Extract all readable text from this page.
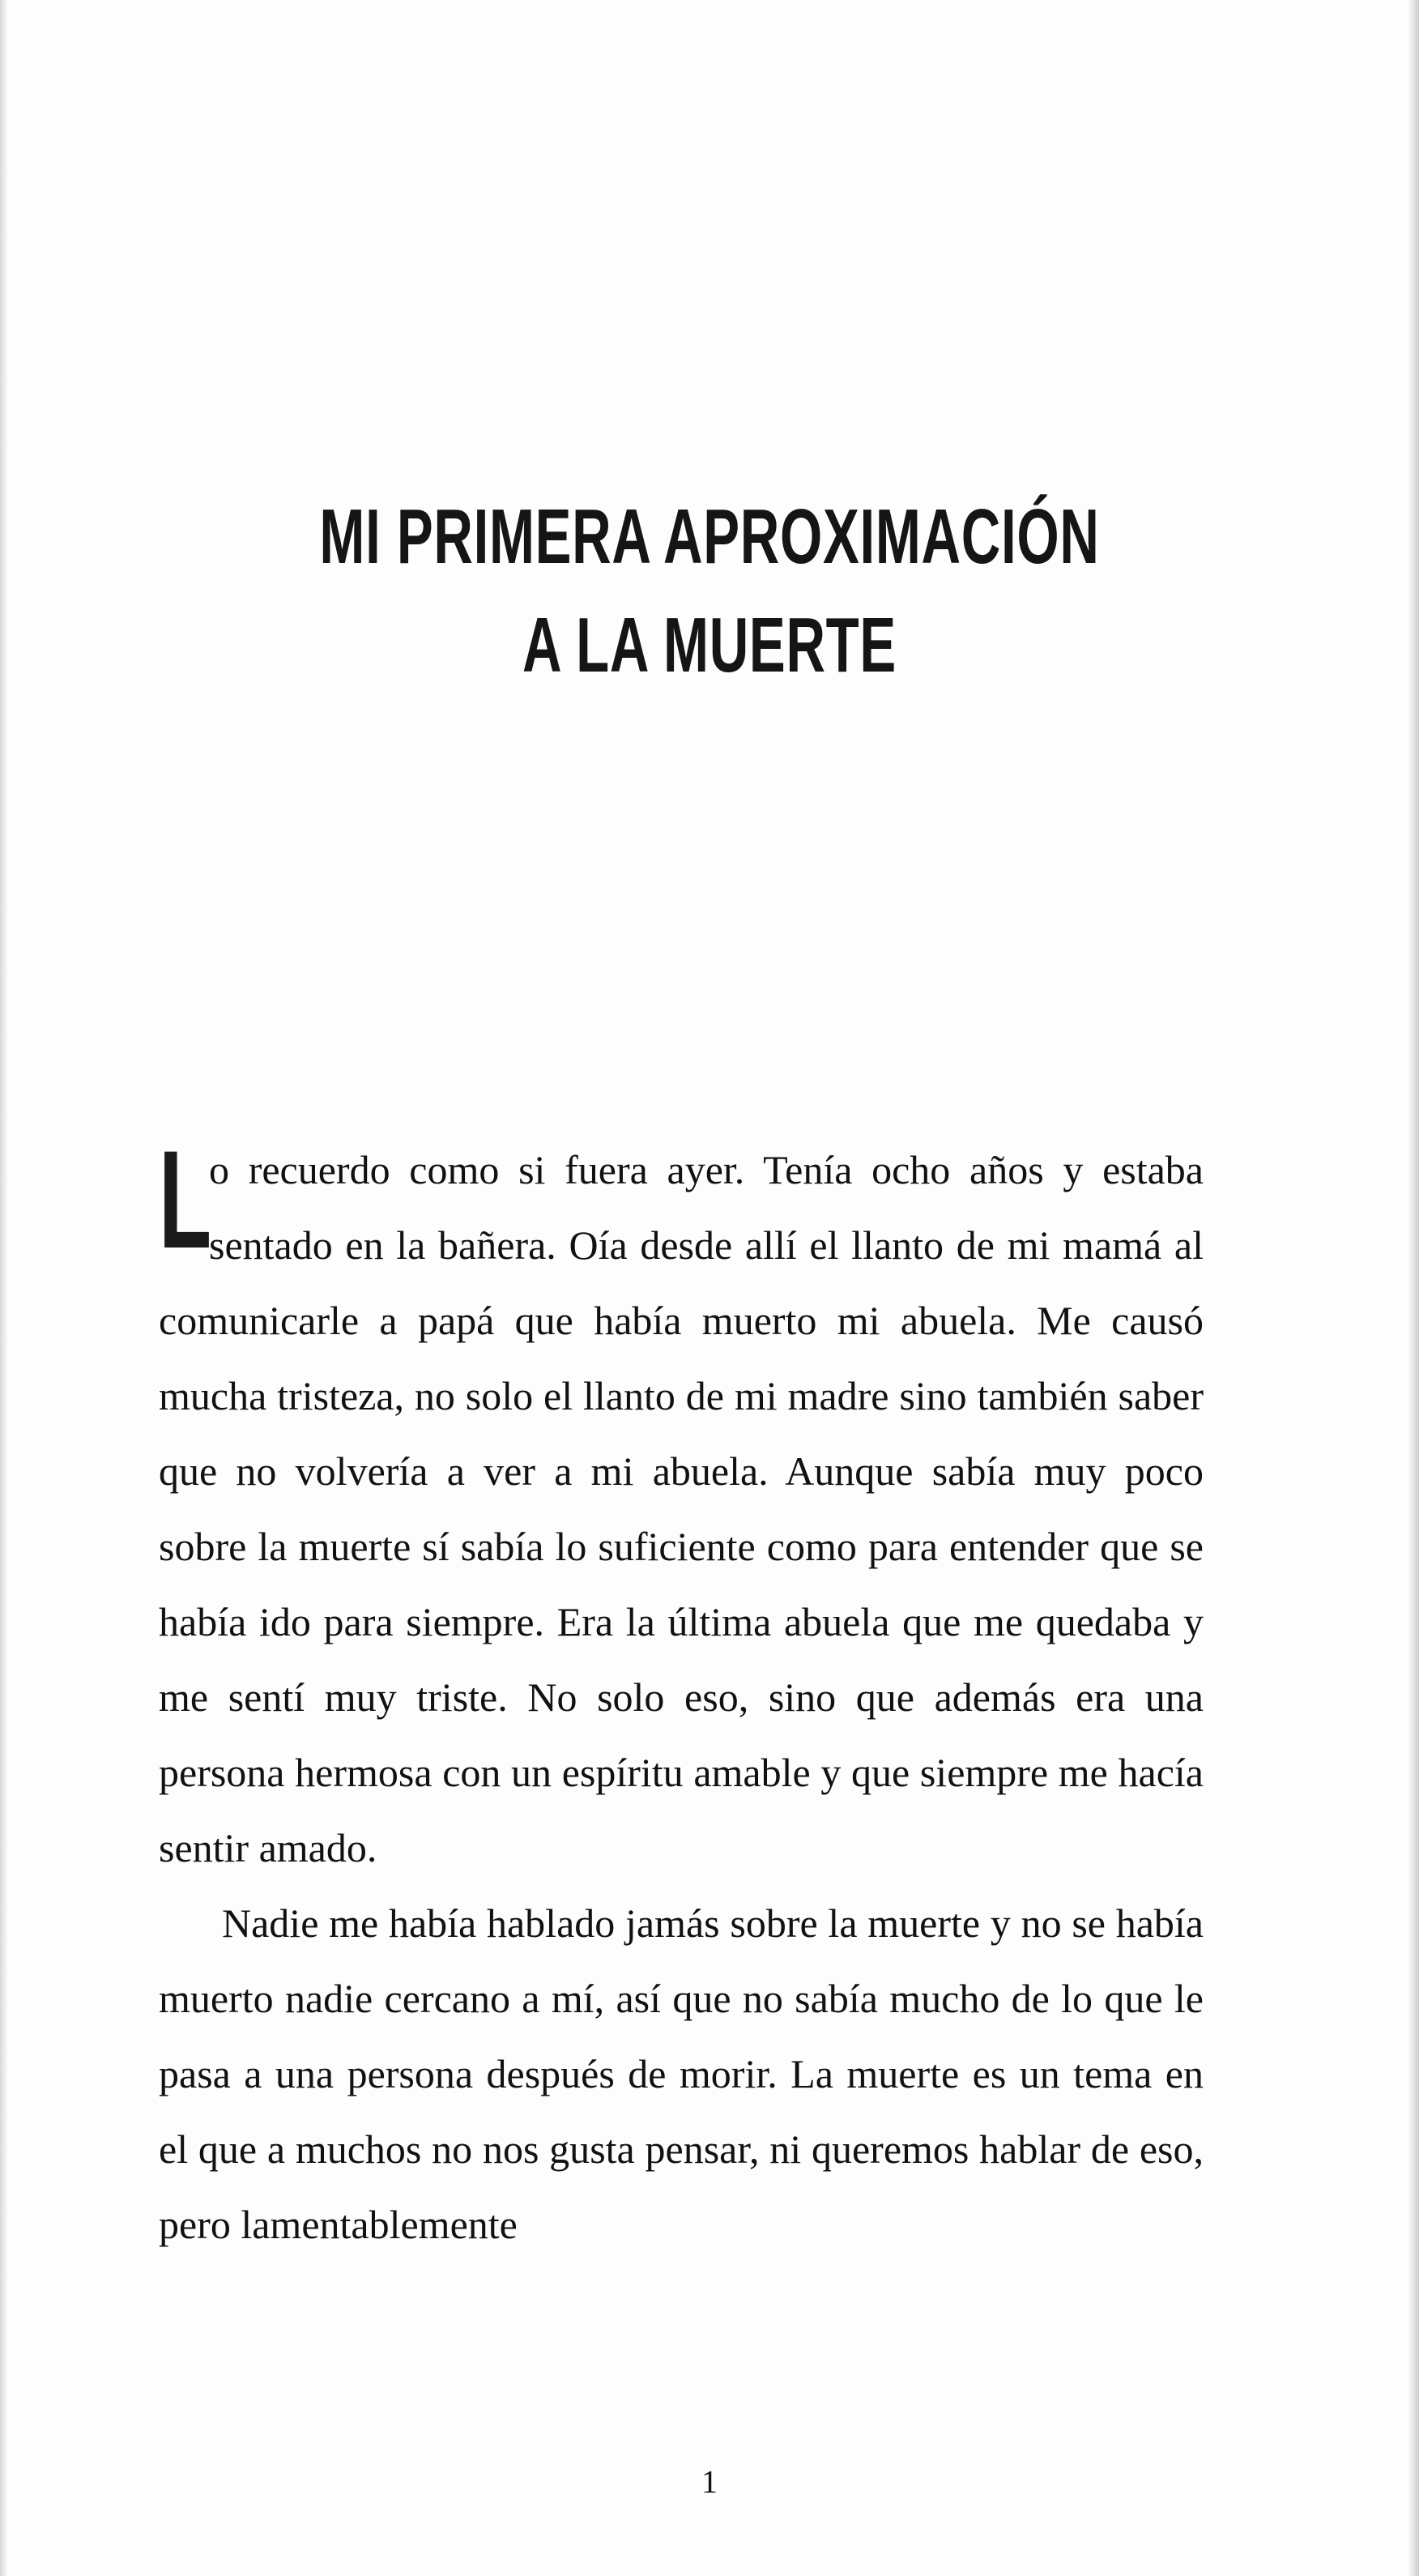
MI PRIMERA APROXIMACIÓN
A LA MUERTE

L
o recuerdo como si fuera ayer. Tenía ocho años y estaba sentado en la bañera. Oía desde allí el llanto de mi mamá al comunicarle a papá que había muerto mi abuela. Me causó mucha tristeza, no solo el llanto de mi madre sino también saber que no volvería a ver a mi abuela. Aunque sabía muy poco sobre la muerte sí sabía lo suficiente como para entender que se había ido para siempre. Era la última abuela que me quedaba y me sentí muy triste. No solo eso, sino que además era una persona hermosa con un espíritu amable y que siempre me hacía sentir amado.

Nadie me había hablado jamás sobre la muerte y no se había muerto nadie cercano a mí, así que no sabía mucho de lo que le pasa a una persona después de morir. La muerte es un tema en el que a muchos no nos gusta pensar, ni queremos hablar de eso, pero lamentablemente

1
